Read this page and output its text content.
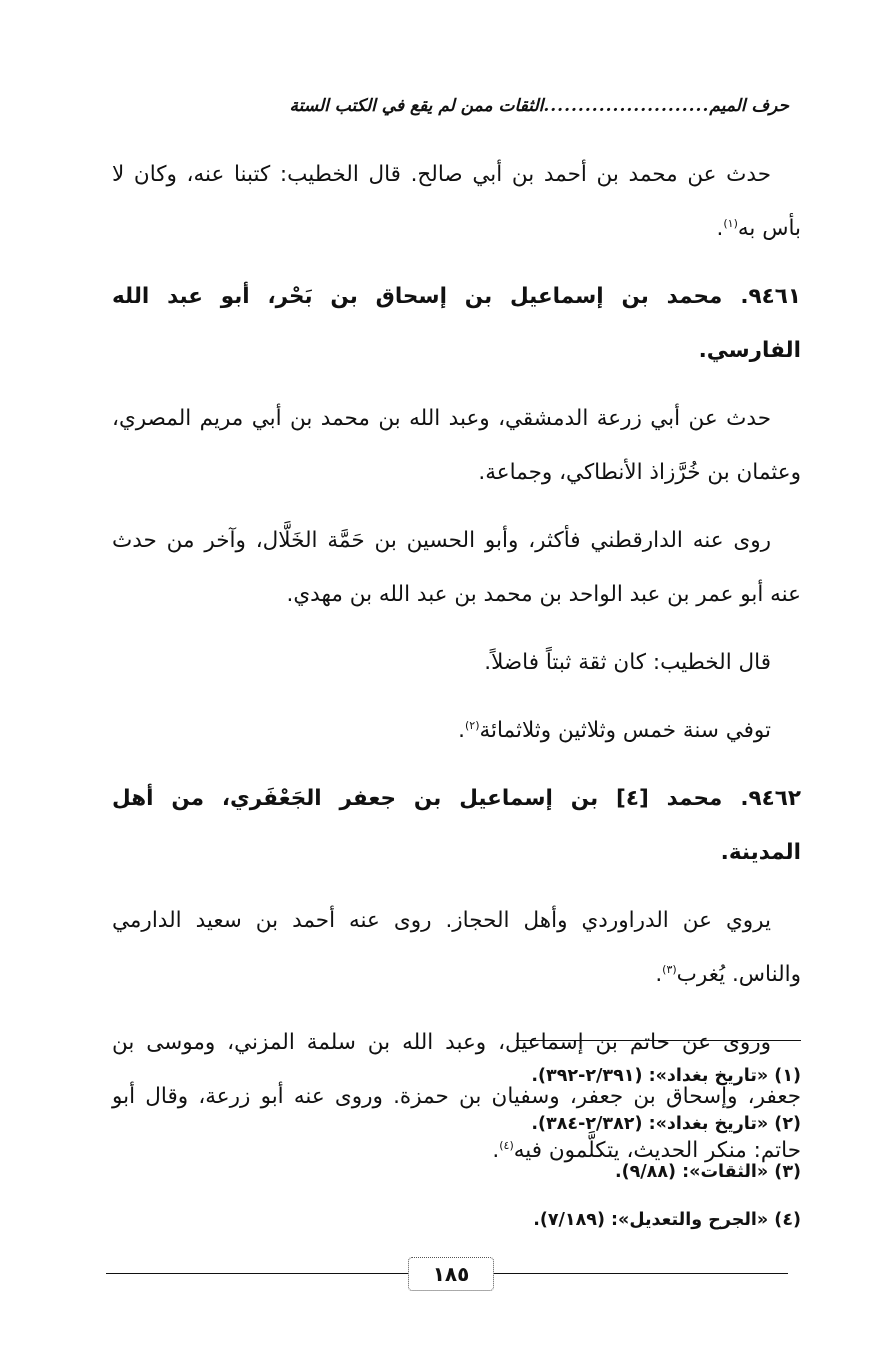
حرف الميم
........................
الثقات ممن لم يقع في الكتب الستة

حدث عن محمد بن أحمد بن أبي صالح. قال الخطيب: كتبنا عنه، وكان لا بأس به$^{(١)}$.

٩٤٦١.محمد بن إسماعيل بن إسحاق بن بَحْر، أبو عبد الله الفارسي.

حدث عن أبي زرعة الدمشقي، وعبد الله بن محمد بن أبي مريم المصري، وعثمان بن خُرَّزاذ الأنطاكي، وجماعة.

روى عنه الدارقطني فأكثر، وأبو الحسين بن حَمَّة الخَلَّال، وآخر من حدث عنه أبو عمر بن عبد الواحد بن محمد بن عبد الله بن مهدي.

قال الخطيب: كان ثقة ثبتاً فاضلاً.

توفي سنة خمس وثلاثين وثلاثمائة$^{(٢)}$.

٩٤٦٢.محمد [٤] بن إسماعيل بن جعفر الجَعْفَري، من أهل المدينة.

يروي عن الدراوردي وأهل الحجاز. روى عنه أحمد بن سعيد الدارمي والناس. يُغرب$^{(٣)}$.

وروى عن حاتم بن إسماعيل، وعبد الله بن سلمة المزني، وموسى بن جعفر، وإسحاق بن جعفر، وسفيان بن حمزة. وروى عنه أبو زرعة، وقال أبو حاتم: منكر الحديث، يتكلَّمون فيه$^{(٤)}$.

(١) «تاريخ بغداد»: (٢/٣٩١-٣٩٢).
(٢) «تاريخ بغداد»: (٢/٣٨٢-٣٨٤).
(٣) «الثقات»: (٩/٨٨).
(٤) «الجرح والتعديل»: (٧/١٨٩).
١٨٥
